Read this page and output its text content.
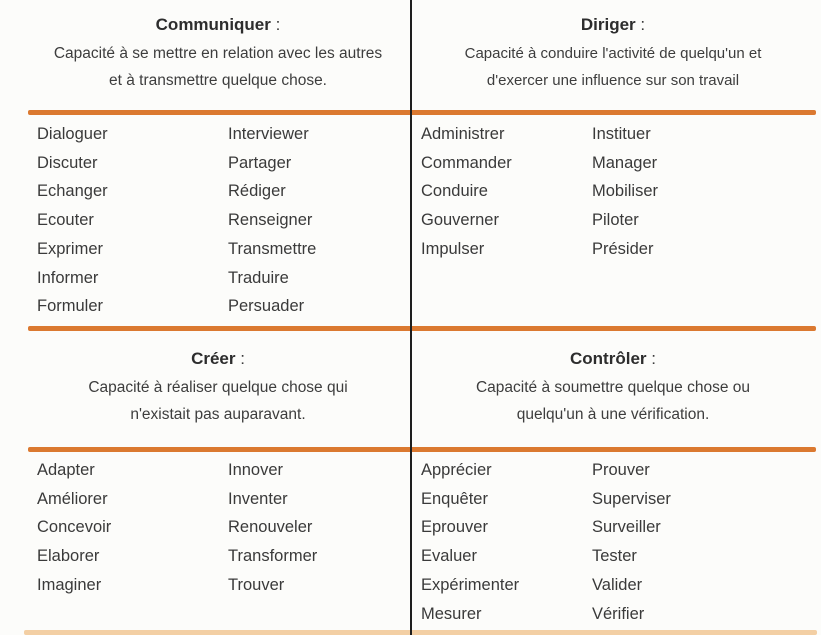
Communiquer :
Capacité à se mettre en relation avec les autres et à transmettre quelque chose.
Diriger :
Capacité à conduire l'activité de quelqu'un et d'exercer une influence sur son travail
Créer :
Capacité à réaliser quelque chose qui n'existait pas auparavant.
Contrôler :
Capacité à soumettre quelque chose ou quelqu'un à une vérification.
Dialoguer
Discuter
Echanger
Ecouter
Exprimer
Informer
Formuler
Interviewer
Partager
Rédiger
Renseigner
Transmettre
Traduire
Persuader
Administrer
Commander
Conduire
Gouverner
Impulser
Instituer
Manager
Mobiliser
Piloter
Présider
Adapter
Améliorer
Concevoir
Elaborer
Imaginer
Innover
Inventer
Renouveler
Transformer
Trouver
Apprécier
Enquêter
Eprouver
Evaluer
Expérimenter
Mesurer
Prouver
Superviser
Surveiller
Tester
Valider
Vérifier
